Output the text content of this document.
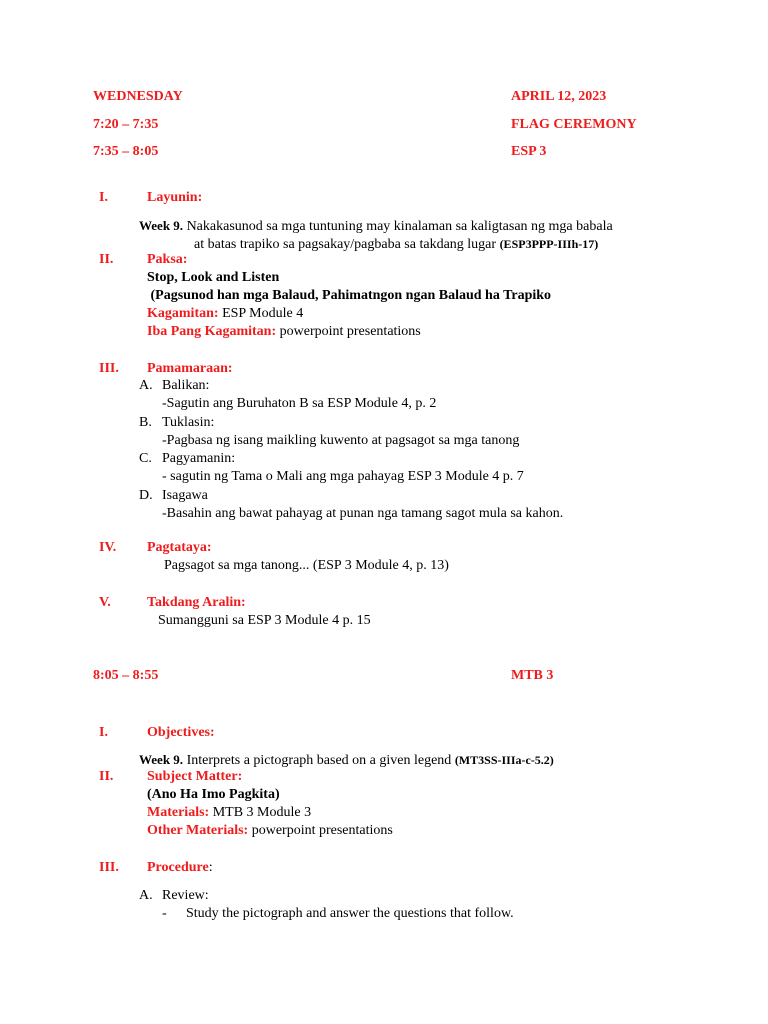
WEDNESDAY	APRIL 12, 2023
7:20 – 7:35	FLAG CEREMONY
7:35 – 8:05	ESP 3
I.	Layunin:
Week 9. Nakakasunod sa mga tuntuning may kinalaman sa kaligtasan ng mga babala
at batas trapiko sa pagsakay/pagbaba sa takdang lugar (ESP3PPP-IIIh-17)
II. Paksa:
Stop, Look and Listen
(Pagsunod han mga Balaud, Pahimatngon ngan Balaud ha Trapiko
Kagamitan: ESP Module 4
Iba Pang Kagamitan: powerpoint presentations
III. Pamamaraan:
A. Balikan:
-Sagutin ang Buruhaton B sa ESP Module 4, p. 2
B. Tuklasin:
-Pagbasa ng isang maikling kuwento at pagsagot sa mga tanong
C. Pagyamanin:
- sagutin ng Tama o Mali ang mga pahayag ESP 3 Module 4 p. 7
D. Isagawa
-Basahin ang bawat pahayag at punan nga tamang sagot mula sa kahon.
IV. Pagtataya:
Pagsagot sa mga tanong... (ESP 3 Module 4, p. 13)
V.	Takdang Aralin:
Sumangguni sa ESP 3 Module 4 p. 15
8:05 – 8:55	MTB 3
I.	Objectives:
Week 9. Interprets a pictograph based on a given legend (MT3SS-IIIa-c-5.2)
II. Subject Matter:
(Ano Ha Imo Pagkita)
Materials: MTB 3 Module 3
Other Materials: powerpoint presentations
III. Procedure:
A. Review:
- Study the pictograph and answer the questions that follow.
